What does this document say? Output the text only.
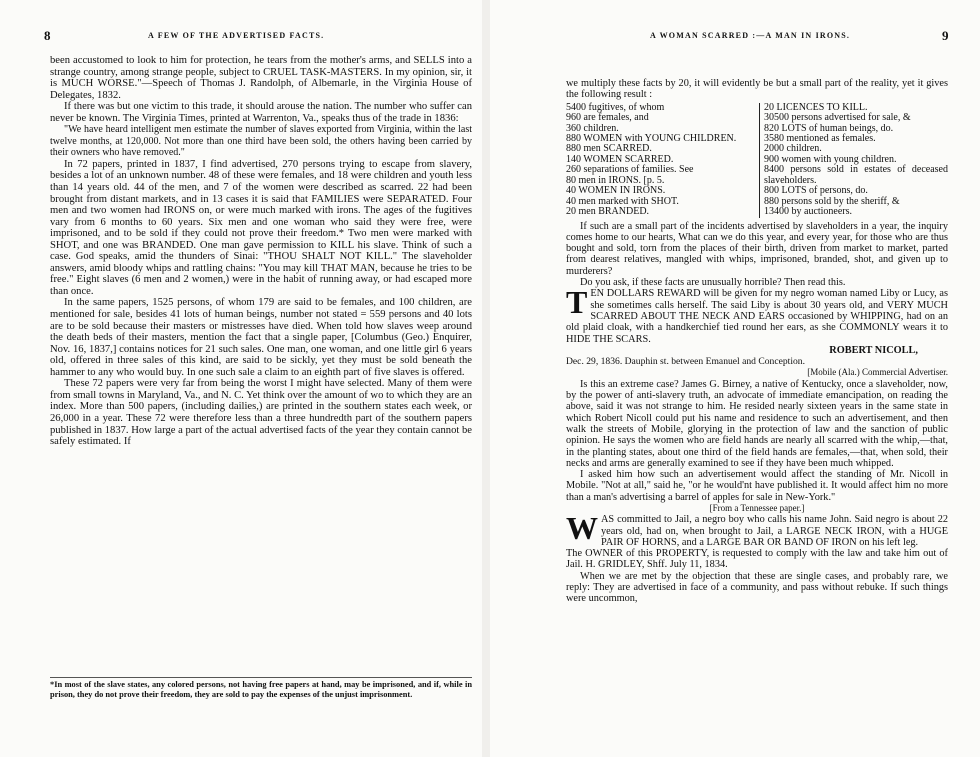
8	A FEW OF THE ADVERTISED FACTS.

been accustomed to look to him for protection, he tears from the mother's arms, and SELLS into a strange country, among strange people, subject to CRUEL TASK-MASTERS. In my opinion, sir, it is MUCH WORSE."—Speech of Thomas J. Randolph, of Albemarle, in the Virginia House of Delegates, 1832.

If there was but one victim to this trade, it should arouse the nation. The number who suffer can never be known. The Virginia Times, printed at Warrenton, Va., speaks thus of the trade in 1836:

"We have heard intelligent men estimate the number of slaves exported from Virginia, within the last twelve months, at 120,000. Not more than one third have been sold, the others having been carried by their owners who have removed."

In 72 papers, printed in 1837, I find advertised, 270 persons trying to escape from slavery, besides a lot of an unknown number. 48 of these were females, and 18 were children and youth less than 14 years old. 44 of the men, and 7 of the women were described as scarred. 22 had been brought from distant markets, and in 13 cases it is said that FAMILIES were SEPARATED. Four men and two women had IRONS on, or were much marked with irons. The ages of the fugitives vary from 6 months to 60 years. Six men and one woman who said they were free, were imprisoned, and to be sold if they could not prove their freedom.* Two men were marked with SHOT, and one was BRANDED. One man gave permission to KILL his slave. Think of such a case. God speaks, amid the thunders of Sinai: "THOU SHALT NOT KILL." The slaveholder answers, amid bloody whips and rattling chains: "You may kill THAT MAN, because he tries to be free." Eight slaves (6 men and 2 women,) were in the habit of running away, or had escaped more than once.

In the same papers, 1525 persons, of whom 179 are said to be females, and 100 children, are mentioned for sale, besides 41 lots of human beings, number not stated = 559 persons and 40 lots are to be sold because their masters or mistresses have died. When told how slaves weep around the death beds of their masters, mention the fact that a single paper, [Columbus (Geo.) Enquirer, Nov. 16, 1837,] contains notices for 21 such sales. One man, one woman, and one little girl 6 years old, offered in three sales of this kind, are said to be sickly, yet they must be sold beneath the hammer to any who would buy. In one such sale a claim to an eighth part of five slaves is offered.

These 72 papers were very far from being the worst I might have selected. Many of them were from small towns in Maryland, Va., and N. C. Yet think over the amount of wo to which they are an index. More than 500 papers, (including dailies,) are printed in the southern states each week, or 26,000 in a year. These 72 were therefore less than a three hundredth part of the southern papers published in 1837. How large a part of the actual advertised facts of the year they contain cannot be safely estimated. If

*In most of the slave states, any colored persons, not having free papers at hand, may be imprisoned, and if, while in prison, they do not prove their freedom, they are sold to pay the expenses of the unjust imprisonment.
A WOMAN SCARRED :—A MAN IN IRONS.	9

we multiply these facts by 20, it will evidently be but a small part of the reality, yet it gives the following result :

5400 fugitives, of whom
960 are females, and
360 children.
880 WOMEN with YOUNG CHILDREN.
880 men SCARRED.
140 WOMEN SCARRED.
260 separations of families. See
80 men in IRONS. [p. 5.
40 WOMEN IN IRONS.
40 men marked with SHOT.
20 men BRANDED.

20 LICENCES TO KILL.
30500 persons advertised for sale, &
820 LOTS of human beings, do.
3580 mentioned as females.
2000 children.
900 women with young children.
8400 persons sold in estates of deceased slaveholders.
800 LOTS of persons, do.
880 persons sold by the sheriff, &
13400 by auctioneers.

If such are a small part of the incidents advertised by slaveholders in a year, the inquiry comes home to our hearts, What can we do this year, and every year, for those who are thus bought and sold, torn from the places of their birth, driven from market to market, parted from dearest relatives, mangled with whips, imprisoned, branded, shot, and given up to murderers?

Do you ask, if these facts are unusually horrible? Then read this.

TEN DOLLARS REWARD will be given for my negro woman named Liby or Lucy, as she sometimes calls herself. The said Liby is about 30 years old, and VERY MUCH SCARRED ABOUT THE NECK AND EARS occasioned by WHIPPING, had on an old plaid cloak, with a handkerchief tied round her ears, as she COMMONLY wears it to HIDE THE SCARS.
ROBERT NICOLL,
Dec. 29, 1836. Dauphin st. between Emanuel and Conception.
[Mobile (Ala.) Commercial Advertiser.

Is this an extreme case? James G. Birney, a native of Kentucky, once a slaveholder, now, by the power of anti-slavery truth, an advocate of immediate emancipation, on reading the above, said it was not strange to him. He resided nearly sixteen years in the same state in which Robert Nicoll could put his name and residence to such an advertisement, and then walk the streets of Mobile, glorying in the protection of law and the sanction of public opinion. He says the women who are field hands are nearly all scarred with the whip,—that, in the planting states, about one third of the field hands are females,—that, when sold, their necks and arms are generally examined to see if they have been much whipped.

I asked him how such an advertisement would affect the standing of Mr. Nicoll in Mobile. "Not at all," said he, "or he would'nt have published it. It would affect him no more than a man's advertising a barrel of apples for sale in New-York."

[From a Tennessee paper.]
WAS committed to Jail, a negro boy who calls his name John. Said negro is about 22 years old, had on, when brought to Jail, a LARGE NECK IRON, with a HUGE PAIR OF HORNS, and a LARGE BAR OR BAND OF IRON on his left leg.
The OWNER of this PROPERTY, is requested to comply with the law and take him out of Jail. H. GRIDLEY, Shff. July 11, 1834.

When we are met by the objection that these are single cases, and probably rare, we reply: They are advertised in face of a community, and pass without rebuke. If such things were uncommon,
